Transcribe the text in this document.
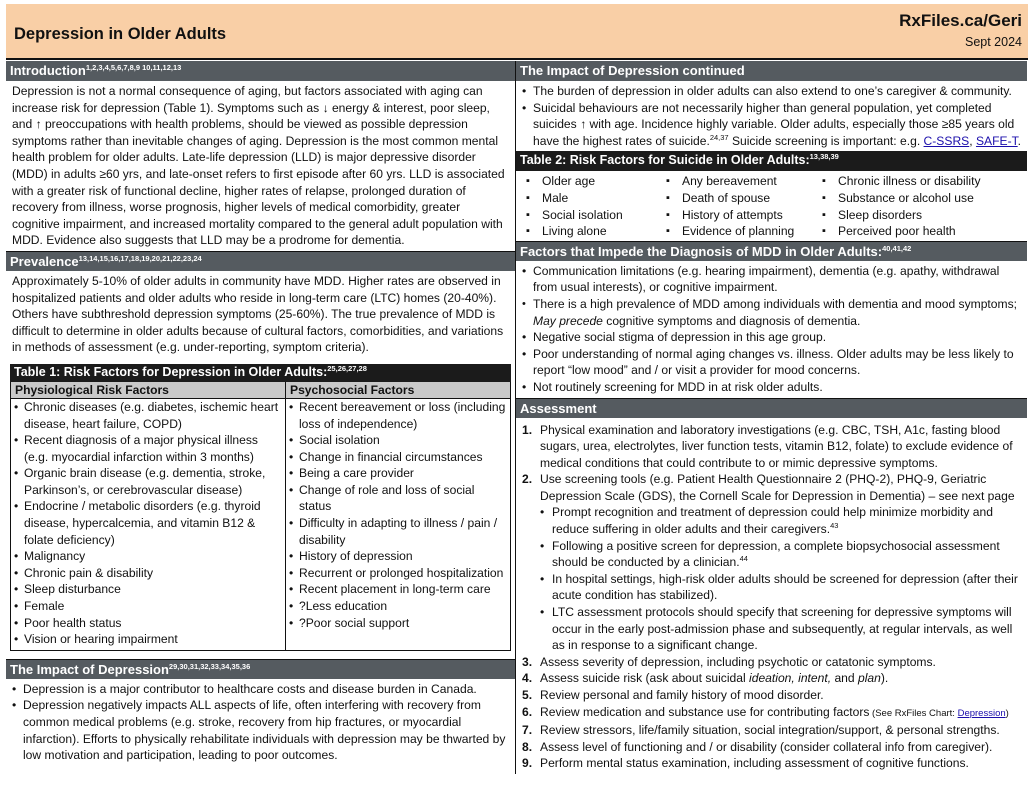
Depression in Older Adults
RxFiles.ca/Geri
Sept 2024
Introduction$^{1,2,3,4,5,6,7,8,9 10,11,12,13}$
Depression is not a normal consequence of aging, but factors associated with aging can increase risk for depression (Table 1). Symptoms such as ↓ energy & interest, poor sleep, and ↑ preoccupations with health problems, should be viewed as possible depression symptoms rather than inevitable changes of aging. Depression is the most common mental health problem for older adults. Late-life depression (LLD) is major depressive disorder (MDD) in adults ≥60 yrs, and late-onset refers to first episode after 60 yrs. LLD is associated with a greater risk of functional decline, higher rates of relapse, prolonged duration of recovery from illness, worse prognosis, higher levels of medical comorbidity, greater cognitive impairment, and increased mortality compared to the general adult population with MDD. Evidence also suggests that LLD may be a prodrome for dementia.
Prevalence$^{13,14,15,16,17,18,19,20,21,22,23,24}$
Approximately 5-10% of older adults in community have MDD. Higher rates are observed in hospitalized patients and older adults who reside in long-term care (LTC) homes (20-40%). Others have subthreshold depression symptoms (25-60%). The true prevalence of MDD is difficult to determine in older adults because of cultural factors, comorbidities, and variations in methods of assessment (e.g. under-reporting, symptom criteria).
Table 1: Risk Factors for Depression in Older Adults:$^{25,26,27,28}$
Physiological Risk Factors	Psychosocial Factors
• Chronic diseases (e.g. diabetes, ischemic heart disease, heart failure, COPD)
• Recent diagnosis of a major physical illness (e.g. myocardial infarction within 3 months)
• Organic brain disease (e.g. dementia, stroke, Parkinson’s, or cerebrovascular disease)
• Endocrine / metabolic disorders (e.g. thyroid disease, hypercalcemia, and vitamin B12 & folate deficiency)
• Malignancy
• Chronic pain & disability
• Sleep disturbance
• Female
• Poor health status
• Vision or hearing impairment
• Recent bereavement or loss (including loss of independence)
• Social isolation
• Change in financial circumstances
• Being a care provider
• Change of role and loss of social status
• Difficulty in adapting to illness / pain / disability
• History of depression
• Recurrent or prolonged hospitalization
• Recent placement in long-term care
• ?Less education
• ?Poor social support
The Impact of Depression$^{29,30,31,32,33,34,35,36}$
• Depression is a major contributor to healthcare costs and disease burden in Canada.
• Depression negatively impacts ALL aspects of life, often interfering with recovery from common medical problems (e.g. stroke, recovery from hip fractures, or myocardial infarction). Efforts to physically rehabilitate individuals with depression may be thwarted by low motivation and participation, leading to poor outcomes.
The Impact of Depression continued
• The burden of depression in older adults can also extend to one’s caregiver & community.
• Suicidal behaviours are not necessarily higher than general population, yet completed suicides ↑ with age. Incidence highly variable. Older adults, especially those ≥85 years old have the highest rates of suicide.$^{24,37}$ Suicide screening is important: e.g. C-SSRS, SAFE-T.
Table 2: Risk Factors for Suicide in Older Adults:$^{13,38,39}$
▪ Older age
▪ Male
▪ Social isolation
▪ Living alone
▪ Any bereavement
▪ Death of spouse
▪ History of attempts
▪ Evidence of planning
▪ Chronic illness or disability
▪ Substance or alcohol use
▪ Sleep disorders
▪ Perceived poor health
Factors that Impede the Diagnosis of MDD in Older Adults:$^{40,41,42}$
• Communication limitations (e.g. hearing impairment), dementia (e.g. apathy, withdrawal from usual interests), or cognitive impairment.
• There is a high prevalence of MDD among individuals with dementia and mood symptoms; May precede cognitive symptoms and diagnosis of dementia.
• Negative social stigma of depression in this age group.
• Poor understanding of normal aging changes vs. illness. Older adults may be less likely to report “low mood” and / or visit a provider for mood concerns.
• Not routinely screening for MDD in at risk older adults.
Assessment
1. Physical examination and laboratory investigations (e.g. CBC, TSH, A1c, fasting blood sugars, urea, electrolytes, liver function tests, vitamin B12, folate) to exclude evidence of medical conditions that could contribute to or mimic depressive symptoms.
2. Use screening tools (e.g. Patient Health Questionnaire 2 (PHQ-2), PHQ-9, Geriatric Depression Scale (GDS), the Cornell Scale for Depression in Dementia) – see next page
• Prompt recognition and treatment of depression could help minimize morbidity and reduce suffering in older adults and their caregivers.$^{43}$
• Following a positive screen for depression, a complete biopsychosocial assessment should be conducted by a clinician.$^{44}$
• In hospital settings, high-risk older adults should be screened for depression (after their acute condition has stabilized).
• LTC assessment protocols should specify that screening for depressive symptoms will occur in the early post-admission phase and subsequently, at regular intervals, as well as in response to a significant change.
3. Assess severity of depression, including psychotic or catatonic symptoms.
4. Assess suicide risk (ask about suicidal ideation, intent, and plan).
5. Review personal and family history of mood disorder.
6. Review medication and substance use for contributing factors (See RxFiles Chart: Depression)
7. Review stressors, life/family situation, social integration/support, & personal strengths.
8. Assess level of functioning and / or disability (consider collateral info from caregiver).
9. Perform mental status examination, including assessment of cognitive functions.
